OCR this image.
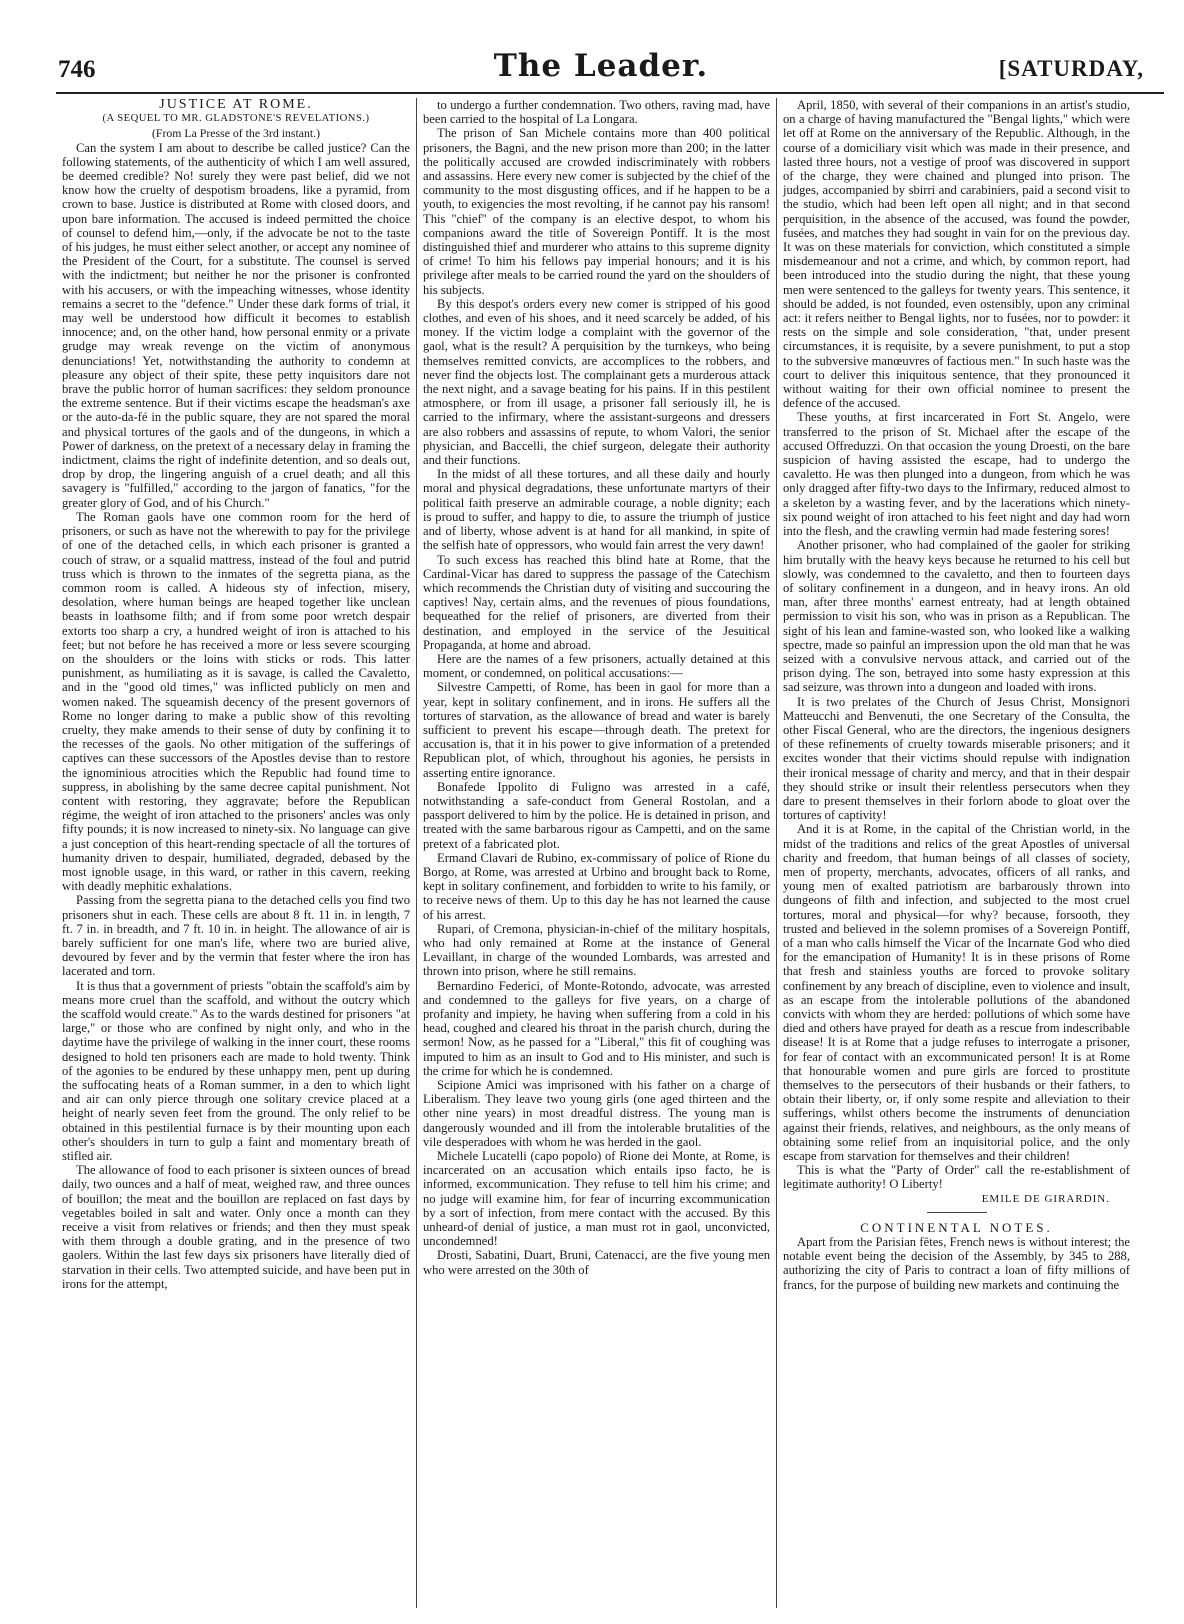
746	The Leader.	[SATURDAY,

JUSTICE AT ROME.

(A SEQUEL TO MR. GLADSTONE'S REVELATIONS.)

(From La Presse of the 3rd instant.)

Can the system I am about to describe be called justice? Can the following statements, of the authenticity of which I am well assured, be deemed credible? No! surely they were past belief, did we not know how the cruelty of despotism broadens, like a pyramid, from crown to base. Justice is distributed at Rome with closed doors, and upon bare information. The accused is indeed permitted the choice of counsel to defend him,—only, if the advocate be not to the taste of his judges, he must either select another, or accept any nominee of the President of the Court, for a substitute. The counsel is served with the indictment; but neither he nor the prisoner is confronted with his accusers, or with the impeaching witnesses, whose identity remains a secret to the "defence." Under these dark forms of trial, it may well be understood how difficult it becomes to establish innocence; and, on the other hand, how personal enmity or a private grudge may wreak revenge on the victim of anonymous denunciations! Yet, notwithstanding the authority to condemn at pleasure any object of their spite, these petty inquisitors dare not brave the public horror of human sacrifices: they seldom pronounce the extreme sentence. But if their victims escape the headsman's axe or the auto-da-fé in the public square, they are not spared the moral and physical tortures of the gaols and of the dungeons, in which a Power of darkness, on the pretext of a necessary delay in framing the indictment, claims the right of indefinite detention, and so deals out, drop by drop, the lingering anguish of a cruel death; and all this savagery is "fulfilled," according to the jargon of fanatics, "for the greater glory of God, and of his Church."

The Roman gaols have one common room for the herd of prisoners, or such as have not the wherewith to pay for the privilege of one of the detached cells, in which each prisoner is granted a couch of straw, or a squalid mattress, instead of the foul and putrid truss which is thrown to the inmates of the segretta piana, as the common room is called. A hideous sty of infection, misery, desolation, where human beings are heaped together like unclean beasts in loathsome filth; and if from some poor wretch despair extorts too sharp a cry, a hundred weight of iron is attached to his feet; but not before he has received a more or less severe scourging on the shoulders or the loins with sticks or rods. This latter punishment, as humiliating as it is savage, is called the Cavaletto, and in the "good old times," was inflicted publicly on men and women naked. The squeamish decency of the present governors of Rome no longer daring to make a public show of this revolting cruelty, they make amends to their sense of duty by confining it to the recesses of the gaols. No other mitigation of the sufferings of captives can these successors of the Apostles devise than to restore the ignominious atrocities which the Republic had found time to suppress, in abolishing by the same decree capital punishment. Not content with restoring, they aggravate; before the Republican régime, the weight of iron attached to the prisoners' ancles was only fifty pounds; it is now increased to ninety-six. No language can give a just conception of this heart-rending spectacle of all the tortures of humanity driven to despair, humiliated, degraded, debased by the most ignoble usage, in this ward, or rather in this cavern, reeking with deadly mephitic exhalations.

Passing from the segretta piana to the detached cells you find two prisoners shut in each. These cells are about 8 ft. 11 in. in length, 7 ft. 7 in. in breadth, and 7 ft. 10 in. in height. The allowance of air is barely sufficient for one man's life, where two are buried alive, devoured by fever and by the vermin that fester where the iron has lacerated and torn.

It is thus that a government of priests "obtain the scaffold's aim by means more cruel than the scaffold, and without the outcry which the scaffold would create." As to the wards destined for prisoners "at large," or those who are confined by night only, and who in the daytime have the privilege of walking in the inner court, these rooms designed to hold ten prisoners each are made to hold twenty. Think of the agonies to be endured by these unhappy men, pent up during the suffocating heats of a Roman summer, in a den to which light and air can only pierce through one solitary crevice placed at a height of nearly seven feet from the ground. The only relief to be obtained in this pestilential furnace is by their mounting upon each other's shoulders in turn to gulp a faint and momentary breath of stifled air.

The allowance of food to each prisoner is sixteen ounces of bread daily, two ounces and a half of meat, weighed raw, and three ounces of bouillon; the meat and the bouillon are replaced on fast days by vegetables boiled in salt and water. Only once a month can they receive a visit from relatives or friends; and then they must speak with them through a double grating, and in the presence of two gaolers. Within the last few days six prisoners have literally died of starvation in their cells. Two attempted suicide, and have been put in irons for the attempt,

to undergo a further condemnation. Two others, raving mad, have been carried to the hospital of La Longara.

The prison of San Michele contains more than 400 political prisoners, the Bagni, and the new prison more than 200; in the latter the politically accused are crowded indiscriminately with robbers and assassins. Here every new comer is subjected by the chief of the community to the most disgusting offices, and if he happen to be a youth, to exigencies the most revolting, if he cannot pay his ransom! This "chief" of the company is an elective despot, to whom his companions award the title of Sovereign Pontiff. It is the most distinguished thief and murderer who attains to this supreme dignity of crime! To him his fellows pay imperial honours; and it is his privilege after meals to be carried round the yard on the shoulders of his subjects.

By this despot's orders every new comer is stripped of his good clothes, and even of his shoes, and it need scarcely be added, of his money. If the victim lodge a complaint with the governor of the gaol, what is the result? A perquisition by the turnkeys, who being themselves remitted convicts, are accomplices to the robbers, and never find the objects lost. The complainant gets a murderous attack the next night, and a savage beating for his pains. If in this pestilent atmosphere, or from ill usage, a prisoner fall seriously ill, he is carried to the infirmary, where the assistant-surgeons and dressers are also robbers and assassins of repute, to whom Valori, the senior physician, and Baccelli, the chief surgeon, delegate their authority and their functions.

In the midst of all these tortures, and all these daily and hourly moral and physical degradations, these unfortunate martyrs of their political faith preserve an admirable courage, a noble dignity; each is proud to suffer, and happy to die, to assure the triumph of justice and of liberty, whose advent is at hand for all mankind, in spite of the selfish hate of oppressors, who would fain arrest the very dawn!

To such excess has reached this blind hate at Rome, that the Cardinal-Vicar has dared to suppress the passage of the Catechism which recommends the Christian duty of visiting and succouring the captives! Nay, certain alms, and the revenues of pious foundations, bequeathed for the relief of prisoners, are diverted from their destination, and employed in the service of the Jesuitical Propaganda, at home and abroad.

Here are the names of a few prisoners, actually detained at this moment, or condemned, on political accusations:—

Silvestre Campetti, of Rome, has been in gaol for more than a year, kept in solitary confinement, and in irons. He suffers all the tortures of starvation, as the allowance of bread and water is barely sufficient to prevent his escape—through death. The pretext for accusation is, that it in his power to give information of a pretended Republican plot, of which, throughout his agonies, he persists in asserting entire ignorance.

Bonafede Ippolito di Fuligno was arrested in a café, notwithstanding a safe-conduct from General Rostolan, and a passport delivered to him by the police. He is detained in prison, and treated with the same barbarous rigour as Campetti, and on the same pretext of a fabricated plot.

Ermand Clavari de Rubino, ex-commissary of police of Rione du Borgo, at Rome, was arrested at Urbino and brought back to Rome, kept in solitary confinement, and forbidden to write to his family, or to receive news of them. Up to this day he has not learned the cause of his arrest.

Rupari, of Cremona, physician-in-chief of the military hospitals, who had only remained at Rome at the instance of General Levaillant, in charge of the wounded Lombards, was arrested and thrown into prison, where he still remains.

Bernardino Federici, of Monte-Rotondo, advocate, was arrested and condemned to the galleys for five years, on a charge of profanity and impiety, he having when suffering from a cold in his head, coughed and cleared his throat in the parish church, during the sermon! Now, as he passed for a "Liberal," this fit of coughing was imputed to him as an insult to God and to His minister, and such is the crime for which he is condemned.

Scipione Amici was imprisoned with his father on a charge of Liberalism. They leave two young girls (one aged thirteen and the other nine years) in most dreadful distress. The young man is dangerously wounded and ill from the intolerable brutalities of the vile desperadoes with whom he was herded in the gaol.

Michele Lucatelli (capo popolo) of Rione dei Monte, at Rome, is incarcerated on an accusation which entails ipso facto, he is informed, excommunication. They refuse to tell him his crime; and no judge will examine him, for fear of incurring excommunication by a sort of infection, from mere contact with the accused. By this unheard-of denial of justice, a man must rot in gaol, unconvicted, uncondemned!

Drosti, Sabatini, Duart, Bruni, Catenacci, are the five young men who were arrested on the 30th of

April, 1850, with several of their companions in an artist's studio, on a charge of having manufactured the "Bengal lights," which were let off at Rome on the anniversary of the Republic. Although, in the course of a domiciliary visit which was made in their presence, and lasted three hours, not a vestige of proof was discovered in support of the charge, they were chained and plunged into prison. The judges, accompanied by sbirri and carabiniers, paid a second visit to the studio, which had been left open all night; and in that second perquisition, in the absence of the accused, was found the powder, fusées, and matches they had sought in vain for on the previous day. It was on these materials for conviction, which constituted a simple misdemeanour and not a crime, and which, by common report, had been introduced into the studio during the night, that these young men were sentenced to the galleys for twenty years. This sentence, it should be added, is not founded, even ostensibly, upon any criminal act: it refers neither to Bengal lights, nor to fusées, nor to powder: it rests on the simple and sole consideration, "that, under present circumstances, it is requisite, by a severe punishment, to put a stop to the subversive manœuvres of factious men." In such haste was the court to deliver this iniquitous sentence, that they pronounced it without waiting for their own official nominee to present the defence of the accused.

These youths, at first incarcerated in Fort St. Angelo, were transferred to the prison of St. Michael after the escape of the accused Offreduzzi. On that occasion the young Droesti, on the bare suspicion of having assisted the escape, had to undergo the cavaletto. He was then plunged into a dungeon, from which he was only dragged after fifty-two days to the Infirmary, reduced almost to a skeleton by a wasting fever, and by the lacerations which ninety-six pound weight of iron attached to his feet night and day had worn into the flesh, and the crawling vermin had made festering sores!

Another prisoner, who had complained of the gaoler for striking him brutally with the heavy keys because he returned to his cell but slowly, was condemned to the cavaletto, and then to fourteen days of solitary confinement in a dungeon, and in heavy irons. An old man, after three months' earnest entreaty, had at length obtained permission to visit his son, who was in prison as a Republican. The sight of his lean and famine-wasted son, who looked like a walking spectre, made so painful an impression upon the old man that he was seized with a convulsive nervous attack, and carried out of the prison dying. The son, betrayed into some hasty expression at this sad seizure, was thrown into a dungeon and loaded with irons.

It is two prelates of the Church of Jesus Christ, Monsignori Matteucchi and Benvenuti, the one Secretary of the Consulta, the other Fiscal General, who are the directors, the ingenious designers of these refinements of cruelty towards miserable prisoners; and it excites wonder that their victims should repulse with indignation their ironical message of charity and mercy, and that in their despair they should strike or insult their relentless persecutors when they dare to present themselves in their forlorn abode to gloat over the tortures of captivity!

And it is at Rome, in the capital of the Christian world, in the midst of the traditions and relics of the great Apostles of universal charity and freedom, that human beings of all classes of society, men of property, merchants, advocates, officers of all ranks, and young men of exalted patriotism are barbarously thrown into dungeons of filth and infection, and subjected to the most cruel tortures, moral and physical—for why? because, forsooth, they trusted and believed in the solemn promises of a Sovereign Pontiff, of a man who calls himself the Vicar of the Incarnate God who died for the emancipation of Humanity! It is in these prisons of Rome that fresh and stainless youths are forced to provoke solitary confinement by any breach of discipline, even to violence and insult, as an escape from the intolerable pollutions of the abandoned convicts with whom they are herded: pollutions of which some have died and others have prayed for death as a rescue from indescribable disease! It is at Rome that a judge refuses to interrogate a prisoner, for fear of contact with an excommunicated person! It is at Rome that honourable women and pure girls are forced to prostitute themselves to the persecutors of their husbands or their fathers, to obtain their liberty, or, if only some respite and alleviation to their sufferings, whilst others become the instruments of denunciation against their friends, relatives, and neighbours, as the only means of obtaining some relief from an inquisitorial police, and the only escape from starvation for themselves and their children!

This is what the "Party of Order" call the re-establishment of legitimate authority! O Liberty!

EMILE DE GIRARDIN.

CONTINENTAL NOTES.

Apart from the Parisian fêtes, French news is without interest; the notable event being the decision of the Assembly, by 345 to 288, authorizing the city of Paris to contract a loan of fifty millions of francs, for the purpose of building new markets and continuing the
